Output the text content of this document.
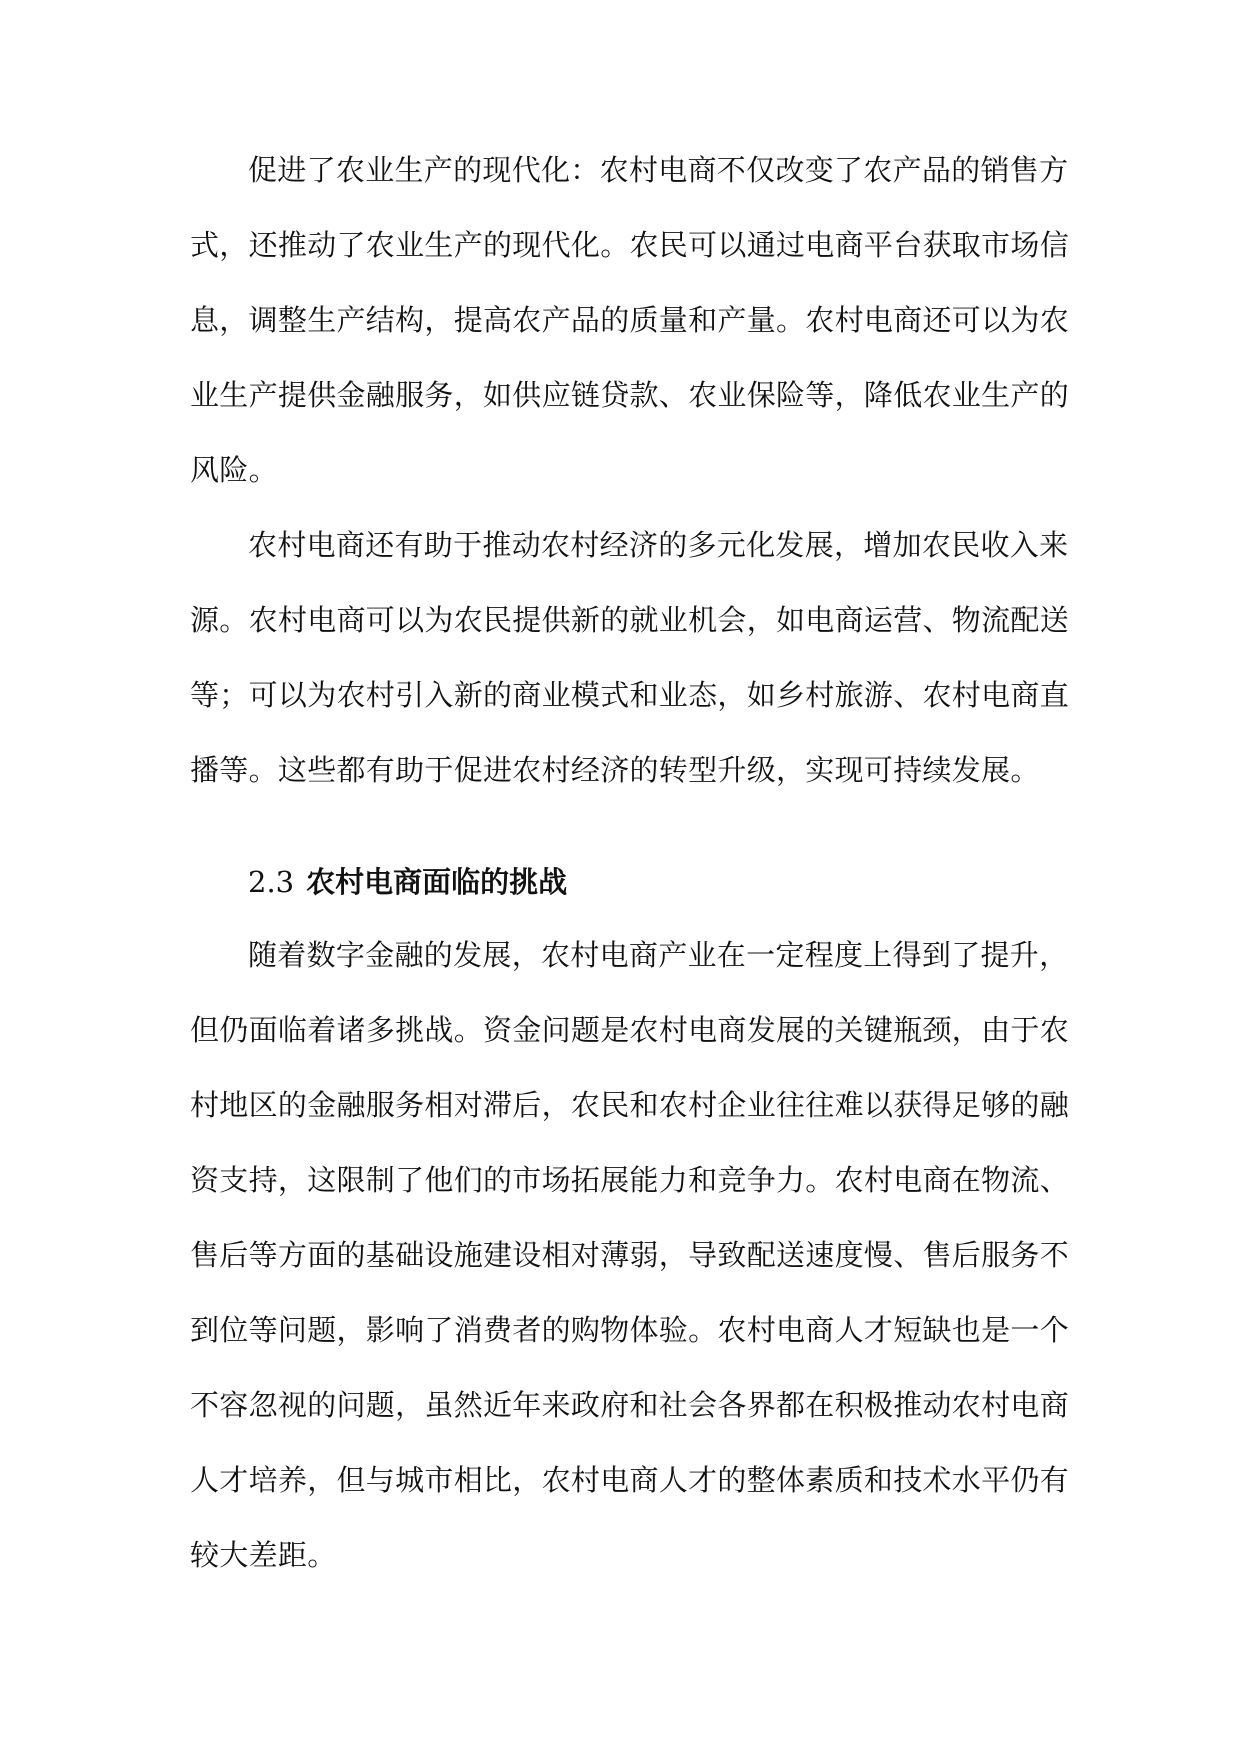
促进了农业生产的现代化：农村电商不仅改变了农产品的销售方
式，还推动了农业生产的现代化。农民可以通过电商平台获取市场信
息，调整生产结构，提高农产品的质量和产量。农村电商还可以为农
业生产提供金融服务，如供应链贷款、农业保险等，降低农业生产的
风险。
农村电商还有助于推动农村经济的多元化发展，增加农民收入来
源。农村电商可以为农民提供新的就业机会，如电商运营、物流配送
等；可以为农村引入新的商业模式和业态，如乡村旅游、农村电商直
播等。这些都有助于促进农村经济的转型升级，实现可持续发展。
2.3 农村电商面临的挑战
随着数字金融的发展，农村电商产业在一定程度上得到了提升，
但仍面临着诸多挑战。资金问题是农村电商发展的关键瓶颈，由于农
村地区的金融服务相对滞后，农民和农村企业往往难以获得足够的融
资支持，这限制了他们的市场拓展能力和竞争力。农村电商在物流、
售后等方面的基础设施建设相对薄弱，导致配送速度慢、售后服务不
到位等问题，影响了消费者的购物体验。农村电商人才短缺也是一个
不容忽视的问题，虽然近年来政府和社会各界都在积极推动农村电商
人才培养，但与城市相比，农村电商人才的整体素质和技术水平仍有
较大差距。
